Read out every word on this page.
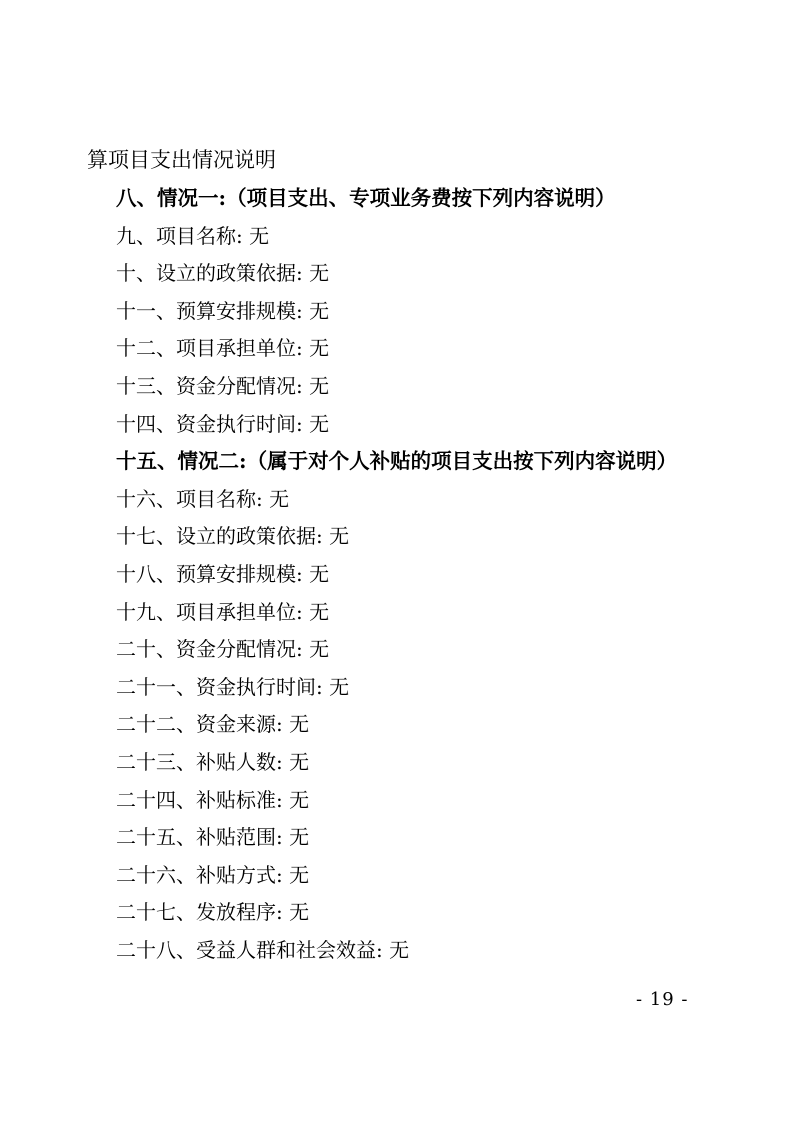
算项目支出情况说明
八、情况一:（项目支出、专项业务费按下列内容说明）
九、项目名称: 无
十、设立的政策依据: 无
十一、预算安排规模: 无
十二、项目承担单位: 无
十三、资金分配情况: 无
十四、资金执行时间: 无
十五、情况二:（属于对个人补贴的项目支出按下列内容说明）
十六、项目名称: 无
十七、设立的政策依据: 无
十八、预算安排规模: 无
十九、项目承担单位: 无
二十、资金分配情况: 无
二十一、资金执行时间: 无
二十二、资金来源: 无
二十三、补贴人数: 无
二十四、补贴标准: 无
二十五、补贴范围: 无
二十六、补贴方式: 无
二十七、发放程序: 无
二十八、受益人群和社会效益: 无
- 19 -
